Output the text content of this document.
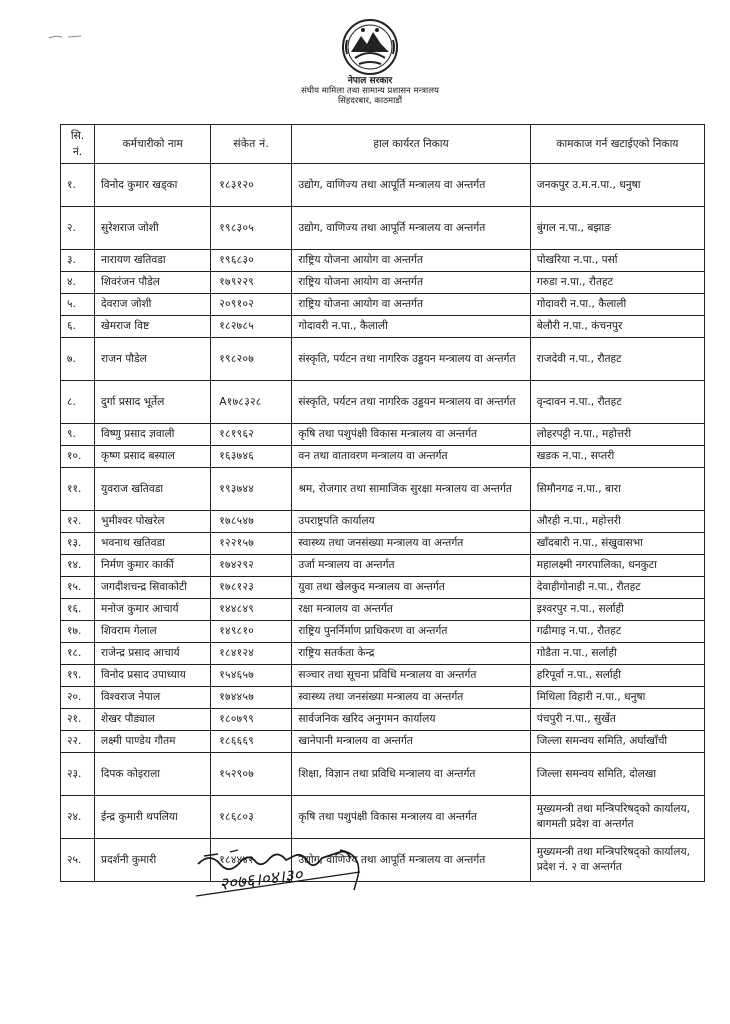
नेपाल सरकार
संघीय मामिला तथा सामान्य प्रशासन मन्त्रालय
सिंहदरबार, काठमाडौं
सि. नं.	कर्मचारीको नाम	संकेत नं.	हाल कार्यरत निकाय	कामकाज गर्न खटाईएको निकाय
१.	विनोद कुमार खड्का	१८३१२०	उद्योग, वाणिज्य तथा आपूर्ति मन्त्रालय वा अन्तर्गत	जनकपुर उ.म.न.पा., धनुषा
२.	सुरेशराज जोशी	१९८३०५	उद्योग, वाणिज्य तथा आपूर्ति मन्त्रालय वा अन्तर्गत	बुंगल न.पा., बझाङ
३.	नारायण खतिवडा	१९६८३०	राष्ट्रिय योजना आयोग वा अन्तर्गत	पोखरिया न.पा., पर्सा
४.	शिवरंजन पौडेल	१७९२२९	राष्ट्रिय योजना आयोग वा अन्तर्गत	गरुडा न.पा., रौतहट
५.	देवराज जोशी	२०९१०२	राष्ट्रिय योजना आयोग वा अन्तर्गत	गोदावरी न.पा., कैलाली
६.	खेमराज विष्ट	१८२७८५	गोदावरी न.पा., कैलाली	बेलौरी न.पा., कंचनपुर
७.	राजन पौडेल	१९८२०७	संस्कृति, पर्यटन तथा नागरिक उड्डयन मन्त्रालय वा अन्तर्गत	राजदेवी न.पा., रौतहट
८.	दुर्गा प्रसाद भूर्तेल	A१७८३२८	संस्कृति, पर्यटन तथा नागरिक उड्डयन मन्त्रालय वा अन्तर्गत	वृन्दावन न.पा., रौतहट
९.	विष्णु प्रसाद ज्ञवाली	१८१९६२	कृषि तथा पशुपंक्षी विकास मन्त्रालय वा अन्तर्गत	लोहरपट्टी न.पा., महोत्तरी
१०.	कृष्ण प्रसाद बस्याल	१६३७४६	वन तथा वातावरण मन्त्रालय वा अन्तर्गत	खडक न.पा., सप्तरी
११.	युवराज खतिवडा	१९३७४४	श्रम, रोजगार तथा सामाजिक सुरक्षा मन्त्रालय वा अन्तर्गत	सिमौनगढ न.पा., बारा
१२.	भुमीश्वर पोखरेल	१७८५४७	उपराष्ट्रपति कार्यालय	औरही न.पा., महोत्तरी
१३.	भवनाथ खतिवडा	१२२१५७	स्वास्थ्य तथा जनसंख्या मन्त्रालय वा अन्तर्गत	खाँदबारी न.पा., संखुवासभा
१४.	निर्मण कुमार कार्की	१७४२९२	उर्जा मन्त्रालय वा अन्तर्गत	महालक्ष्मी नगरपालिका, धनकुटा
१५.	जगदीशचन्द्र सिवाकोटी	१७८१२३	युवा तथा खेलकुद मन्त्रालय वा अन्तर्गत	देवाहीगोनाही न.पा., रौतहट
१६.	मनोज कुमार आचार्य	१४४८४९	रक्षा मन्त्रालय वा अन्तर्गत	इश्वरपुर न.पा., सर्लाही
१७.	शिवराम गेलाल	१४९८१०	राष्ट्रिय पुनर्निर्माण प्राधिकरण वा अन्तर्गत	गढीमाइ न.पा., रौतहट
१८.	राजेन्द्र प्रसाद आचार्य	१८४१२४	राष्ट्रिय सतर्कता केन्द्र	गोडैता न.पा., सर्लाही
१९.	विनोद प्रसाद उपाध्याय	१५४६५७	सञ्चार तथा सूचना प्रविधि मन्त्रालय वा अन्तर्गत	हरिपूर्वा न.पा., सर्लाही
२०.	विश्वराज नेपाल	१७४४५७	स्वास्थ्य तथा जनसंख्या मन्त्रालय वा अन्तर्गत	मिथिला विहारी न.पा., धनुषा
२१.	शेखर पौड्याल	१८०७९९	सार्वजनिक खरिद अनुगमन कार्यालय	पंचपुरी न.पा., सुर्खेत
२२.	लक्ष्मी पाण्डेय गौतम	१८६६६९	खानेपानी मन्त्रालय वा अन्तर्गत	जिल्ला समन्वय समिति, अर्घाखाँची
२३.	दिपक कोइराला	१५२९०७	शिक्षा, विज्ञान तथा प्रविधि मन्त्रालय वा अन्तर्गत	जिल्ला समन्वय समिति, दोलखा
२४.	ईन्द्र कुमारी थपलिया	१८६८०३	कृषि तथा पशुपंक्षी विकास मन्त्रालय वा अन्तर्गत	मुख्यमन्त्री तथा मन्त्रिपरिषद्को कार्यालय, बागमती प्रदेश वा अन्तर्गत
२५.	प्रदर्शनी कुमारी	१८४४४२	उद्योग, वाणिज्य तथा आपूर्ति मन्त्रालय वा अन्तर्गत	मुख्यमन्त्री तथा मन्त्रिपरिषद्को कार्यालय, प्रदेश नं. २ वा अन्तर्गत
२०७६।०४।३०
